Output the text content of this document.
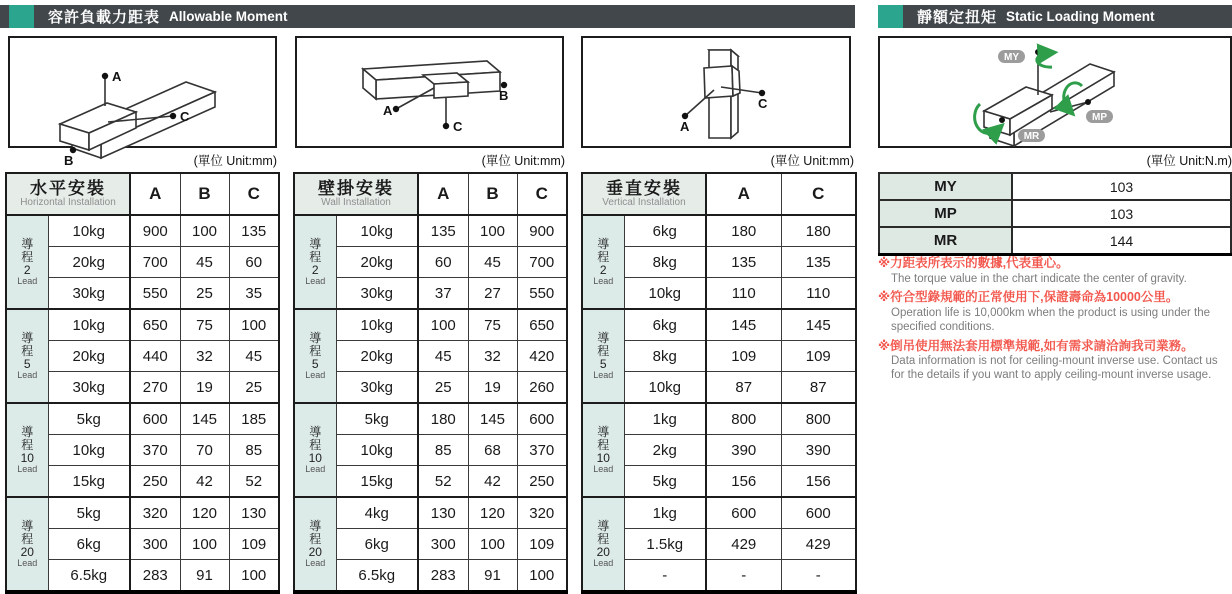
容許負載力距表 Allowable Moment	靜額定扭矩 Static Loading Moment
A
B
C	A
B
C	A
C
MY
MP
MR
(單位 Unit:mm)	(單位 Unit:mm)	(單位 Unit:mm)	(單位 Unit:N.m)
水平安裝
Horizontal Installation		A	B	C

導
程
2
Lead	10kg	900	100	135
	20kg	700	45	60
	30kg	550	25	35

導
程
5
Lead	10kg	650	75	100
	20kg	440	32	45
	30kg	270	19	25

導
程
10
Lead	5kg	600	145	185
	10kg	370	70	85
	15kg	250	42	52

導
程
20
Lead	5kg	320	120	130
	6kg	300	100	109
	6.5kg	283	91	100
壁掛安裝
Wall Installation		A	B	C

導
程
2
Lead	10kg	135	100	900
	20kg	60	45	700
	30kg	37	27	550

導
程
5
Lead	10kg	100	75	650
	20kg	45	32	420
	30kg	25	19	260

導
程
10
Lead	5kg	180	145	600
	10kg	85	68	370
	15kg	52	42	250

導
程
20
Lead	4kg	130	120	320
	6kg	300	100	109
	6.5kg	283	91	100
垂直安裝
Vertical Installation		A	C

導
程
2
Lead	6kg	180	180
	8kg	135	135
	10kg	110	110

導
程
5
Lead	6kg	145	145
	8kg	109	109
	10kg	87	87

導
程
10
Lead	1kg	800	800
	2kg	390	390
	5kg	156	156

導
程
20
Lead	1kg	600	600
	1.5kg	429	429
	-	-	-
MY	103
MP	103
MR	144

※力距表所表示的數據,代表重心。

The torque value in the chart indicate the center of gravity.

※符合型錄規範的正常使用下,保證壽命為10000公里。

Operation life is 10,000km when the product is using under the specified conditions.

※倒吊使用無法套用標準規範,如有需求請洽詢我司業務。

Data information is not for ceiling-mount inverse use. Contact us for the details if you want to apply ceiling-mount inverse usage.
